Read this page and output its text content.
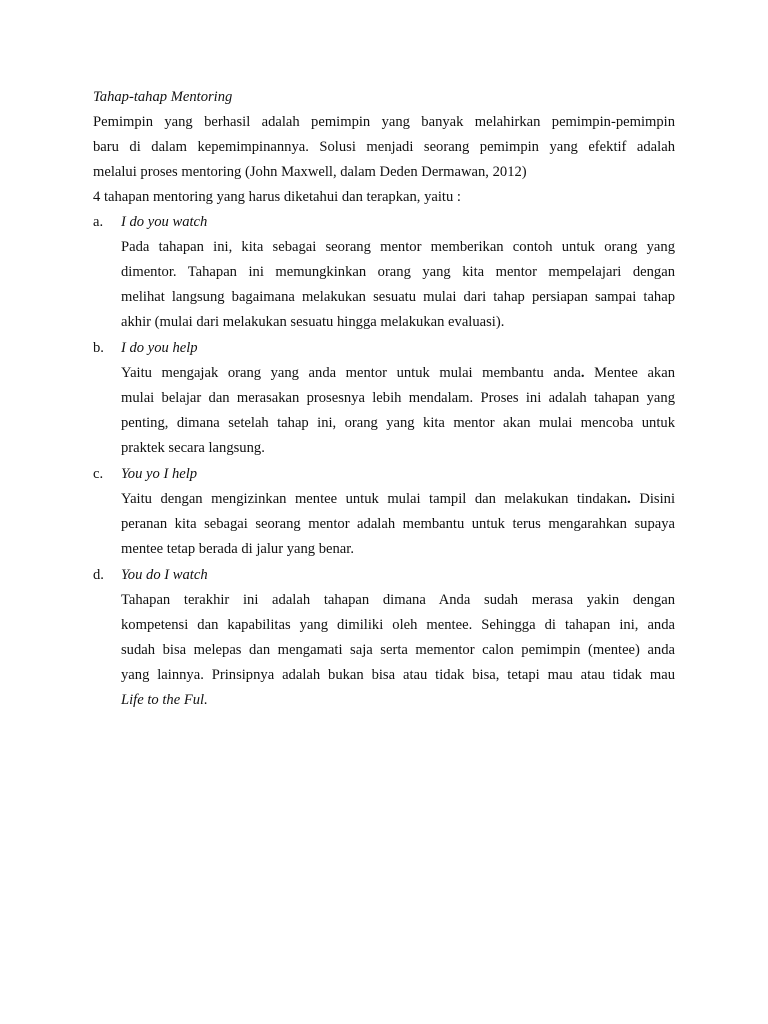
Tahap-tahap Mentoring
Pemimpin yang berhasil adalah pemimpin yang banyak melahirkan pemimpin-pemimpin
baru di dalam kepemimpinannya. Solusi menjadi seorang pemimpin yang efektif adalah
melalui proses mentoring (John Maxwell, dalam Deden Dermawan, 2012)
4 tahapan mentoring yang harus diketahui dan terapkan, yaitu :
a. I do you watch
Pada tahapan ini, kita sebagai seorang mentor memberikan contoh untuk orang yang
dimentor. Tahapan ini memungkinkan orang yang kita mentor mempelajari dengan
melihat langsung bagaimana melakukan sesuatu mulai dari tahap persiapan sampai tahap
akhir (mulai dari melakukan sesuatu hingga melakukan evaluasi).
b. I do you help
Yaitu mengajak orang yang anda mentor untuk mulai membantu anda. Mentee akan
mulai belajar dan merasakan prosesnya lebih mendalam. Proses ini adalah tahapan yang
penting, dimana setelah tahap ini, orang yang kita mentor akan mulai mencoba untuk
praktek secara langsung.
c. You yo I help
Yaitu dengan mengizinkan mentee untuk mulai tampil dan melakukan tindakan. Disini
peranan kita sebagai seorang mentor adalah membantu untuk terus mengarahkan supaya
mentee tetap berada di jalur yang benar.
d. You do I watch
Tahapan terakhir ini adalah tahapan dimana Anda sudah merasa yakin dengan
kompetensi dan kapabilitas yang dimiliki oleh mentee. Sehingga di tahapan ini, anda
sudah bisa melepas dan mengamati saja serta mementor calon pemimpin (mentee) anda
yang lainnya. Prinsipnya adalah bukan bisa atau tidak bisa, tetapi mau atau tidak mau
Life to the Ful.
